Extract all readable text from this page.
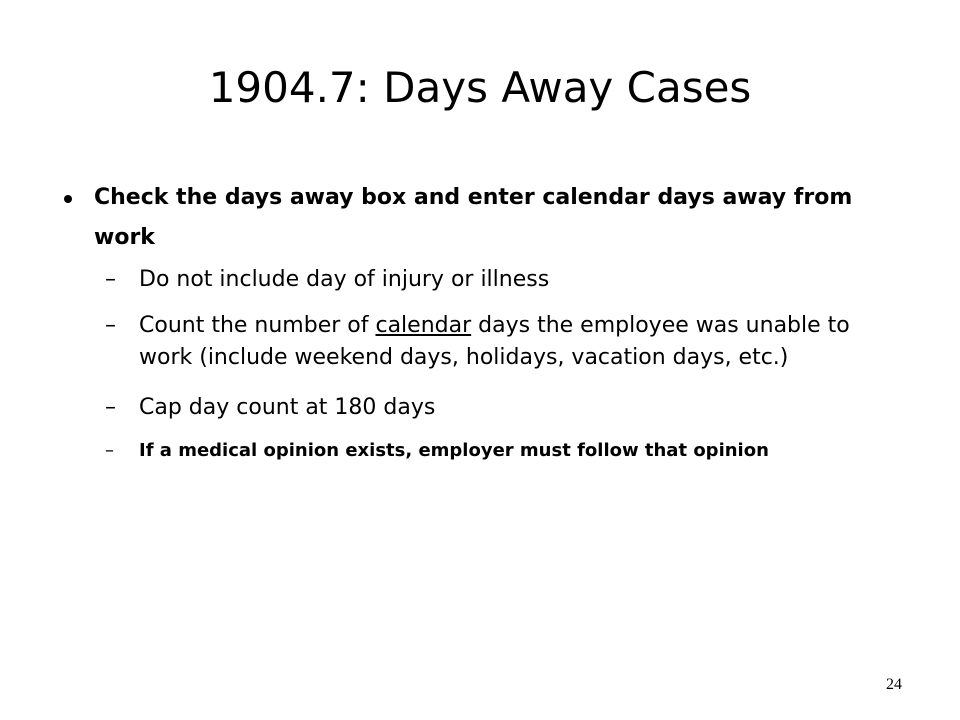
1904.7: Days Away Cases

Check the days away box and enter calendar days away from work

– Do not include day of injury or illness
– Count the number of calendar days the employee was unable to work (include weekend days, holidays, vacation days, etc.)
– Cap day count at 180 days
– If a medical opinion exists, employer must follow that opinion
24
